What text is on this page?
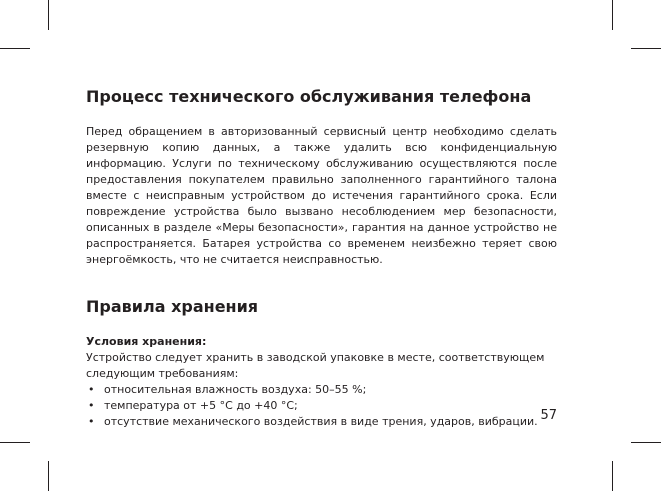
Процесс технического обслуживания телефона

Перед обращением в авторизованный сервисный центр необходимо сделать резервную копию данных, а также удалить всю конфиденциальную информацию. Услуги по техническому обслуживанию осуществляются после предоставления покупателем правильно заполненного гарантийного талона вместе с неисправным устройством до истечения гарантийного срока. Если повреждение устройства было вызвано несоблюдением мер безопасности, описанных в разделе «Меры безопасности», гарантия на данное устройство не распространяется. Батарея устройства со временем неизбежно теряет свою энергоёмкость, что не считается неисправностью.

Правила хранения

Условия хранения:

Устройство следует хранить в заводской упаковке в месте, соответствующем следующим требованиям:

• относительная влажность воздуха: 50–55 %;
• температура от +5 °C до +40 °C;
• отсутствие механического воздействия в виде трения, ударов, вибрации. 57
